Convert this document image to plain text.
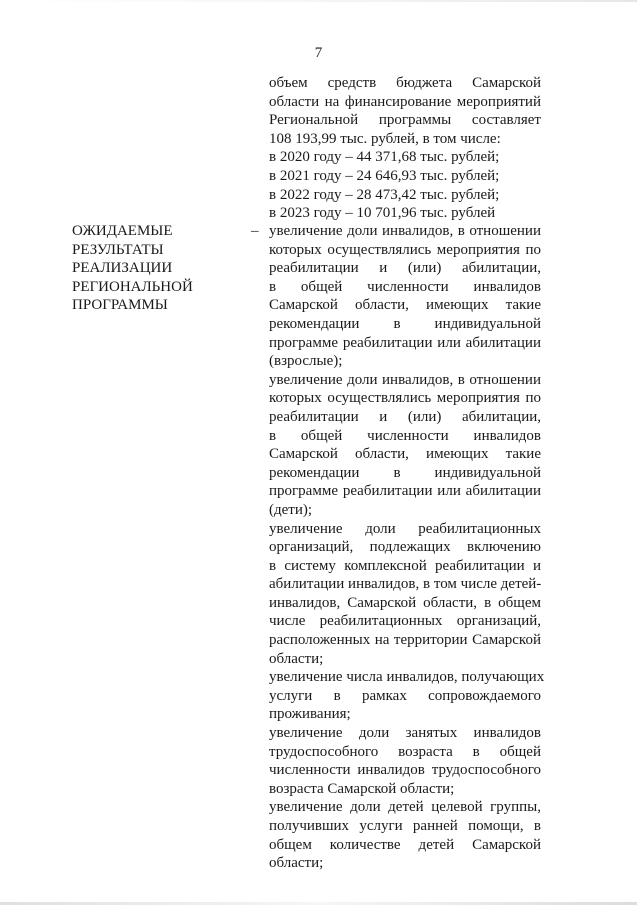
7
объем средств бюджета Самарской
области на финансирование мероприятий
Региональной программы составляет
108 193,99 тыс. рублей, в том числе:
в 2020 году – 44 371,68 тыс. рублей;
в 2021 году – 24 646,93 тыс. рублей;
в 2022 году – 28 473,42 тыс. рублей;
в 2023 году – 10 701,96 тыс. рублей
ОЖИДАЕМЫЕ
РЕЗУЛЬТАТЫ
РЕАЛИЗАЦИИ
РЕГИОНАЛЬНОЙ
ПРОГРАММЫ
– увеличение доли инвалидов, в отношении
которых осуществлялись мероприятия по
реабилитации и (или) абилитации,
в общей численности инвалидов
Самарской области, имеющих такие
рекомендации в индивидуальной
программе реабилитации или абилитации
(взрослые);
увеличение доли инвалидов, в отношении
которых осуществлялись мероприятия по
реабилитации и (или) абилитации,
в общей численности инвалидов
Самарской области, имеющих такие
рекомендации в индивидуальной
программе реабилитации или абилитации
(дети);
увеличение доли реабилитационных
организаций, подлежащих включению
в систему комплексной реабилитации и
абилитации инвалидов, в том числе детей-
инвалидов, Самарской области, в общем
числе реабилитационных организаций,
расположенных на территории Самарской
области;
увеличение числа инвалидов, получающих
услуги в рамках сопровождаемого
проживания;
увеличение доли занятых инвалидов
трудоспособного возраста в общей
численности инвалидов трудоспособного
возраста Самарской области;
увеличение доли детей целевой группы,
получивших услуги ранней помощи, в
общем количестве детей Самарской
области;
